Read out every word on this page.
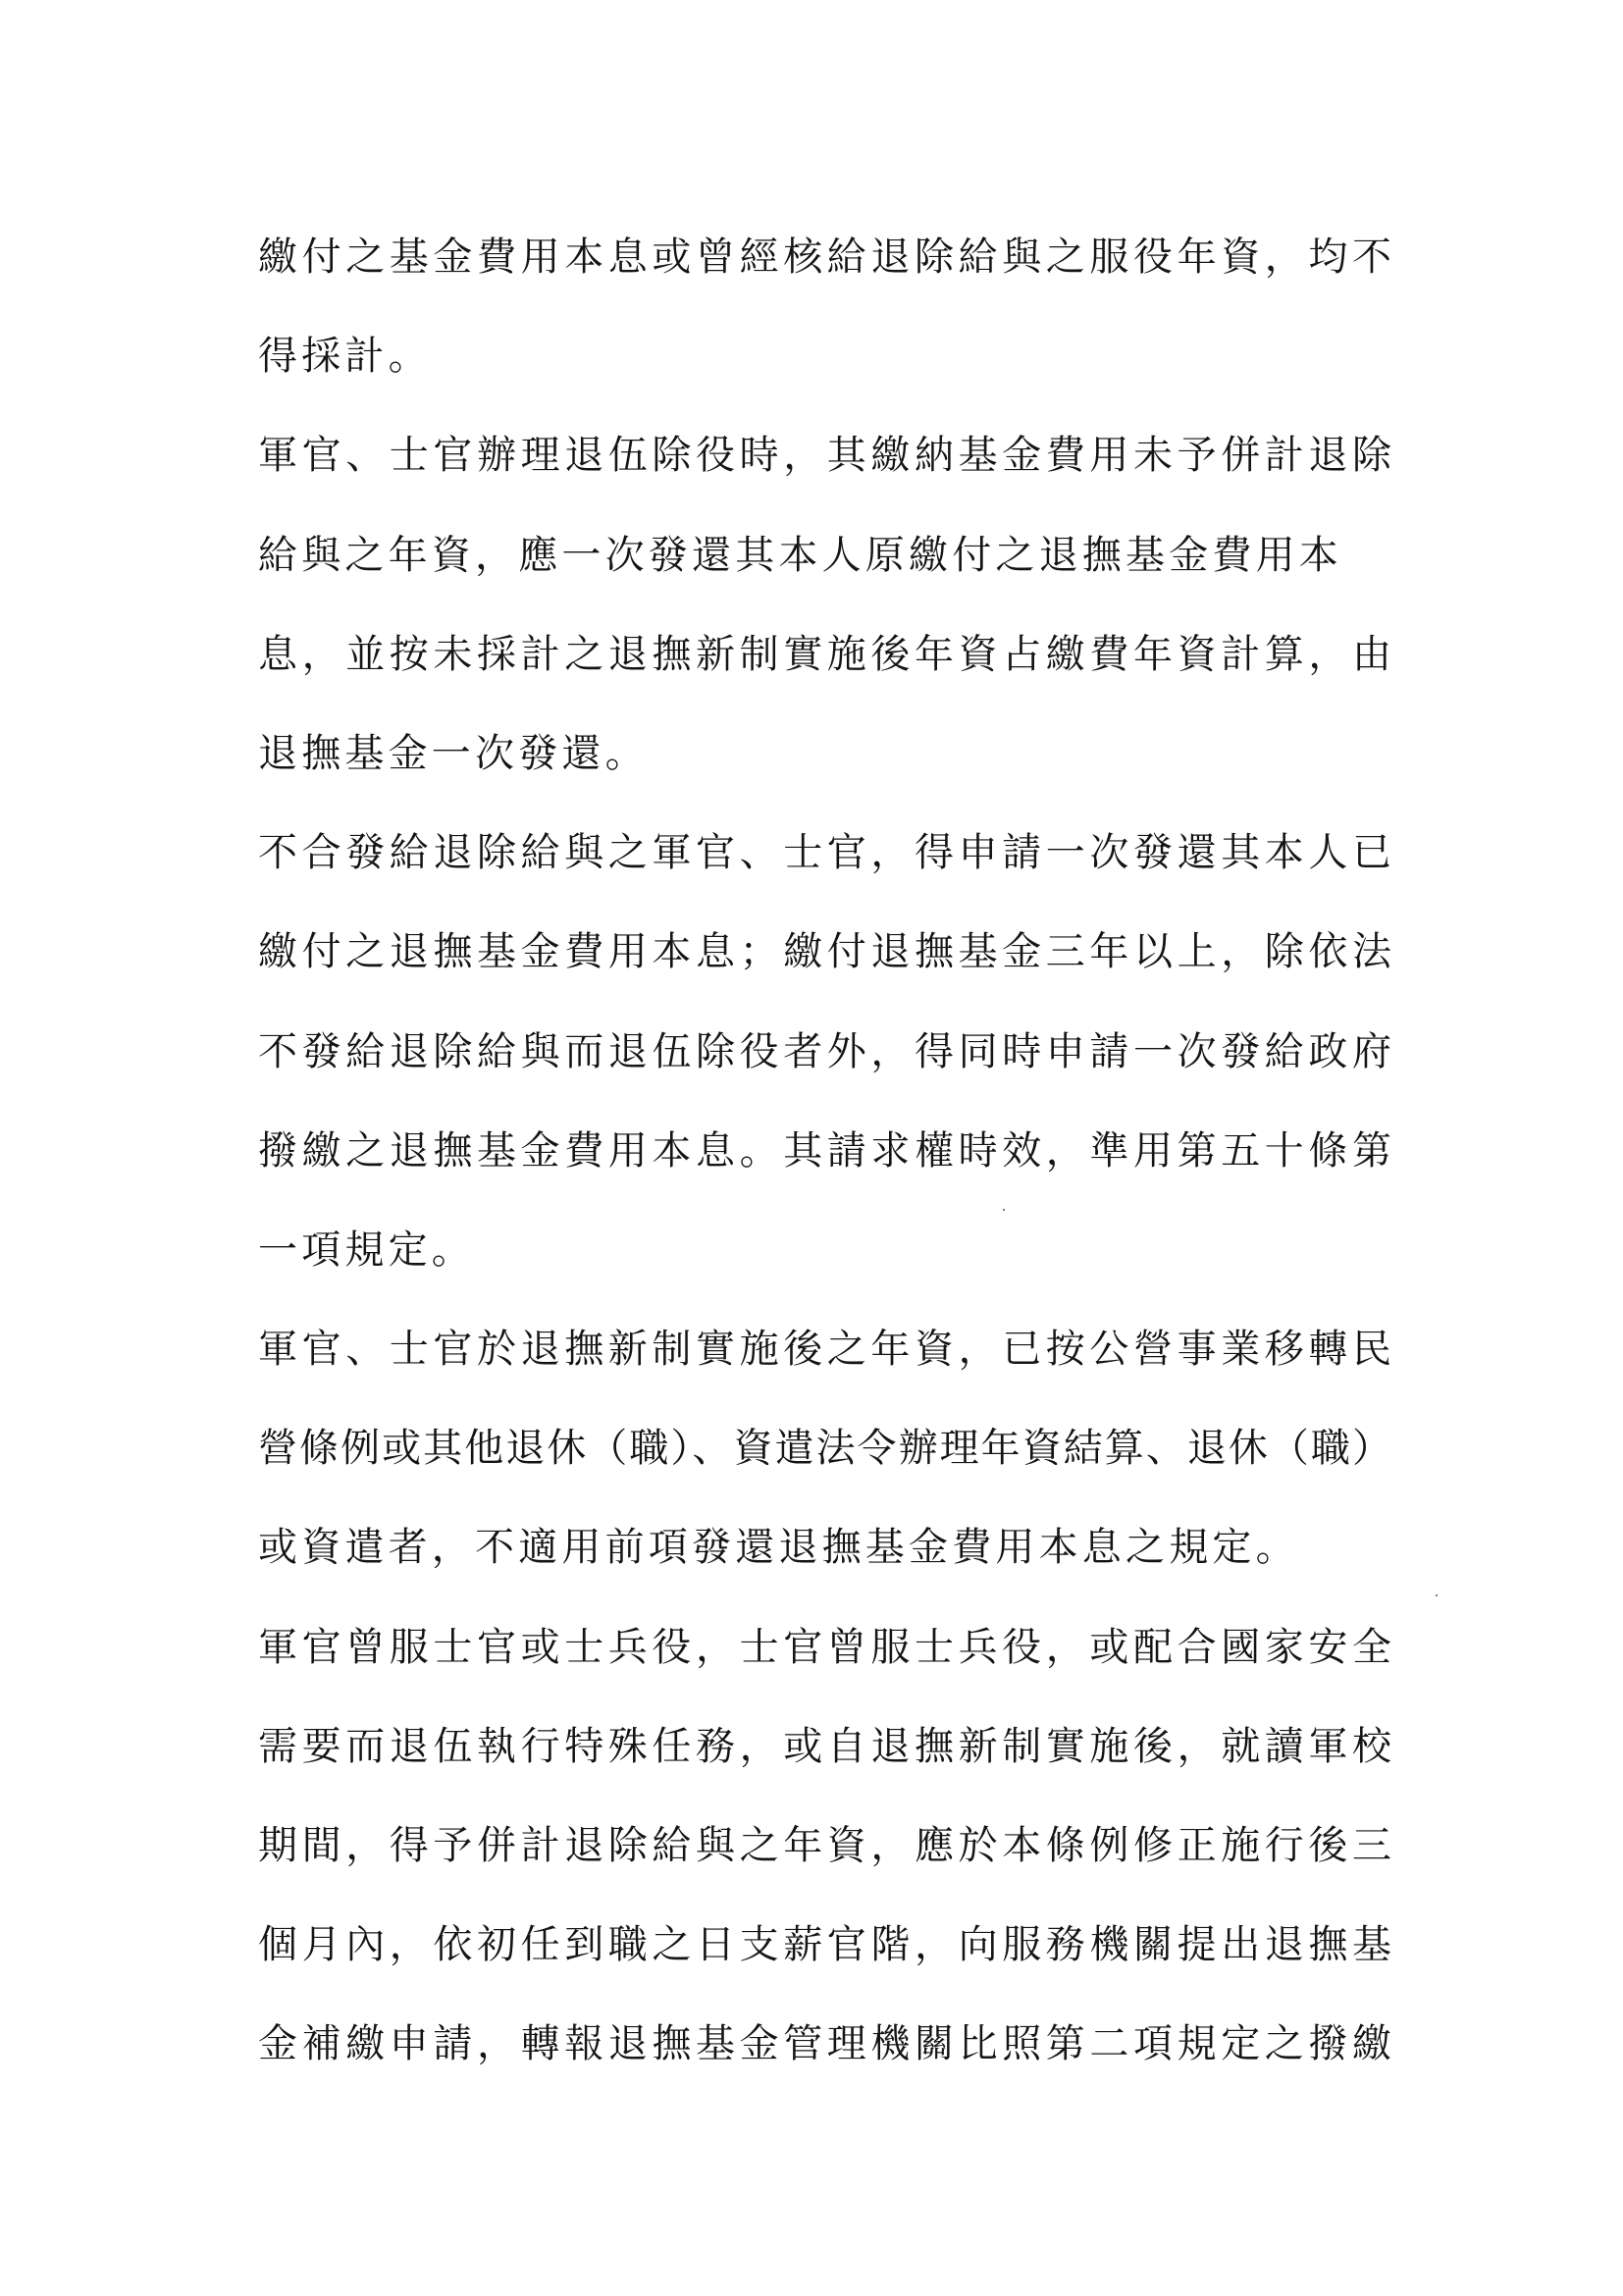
繳付之基金費用本息或曾經核給退除給與之服役年資，均不
得採計。
軍官、士官辦理退伍除役時，其繳納基金費用未予併計退除
給與之年資，應一次發還其本人原繳付之退撫基金費用本
息，並按未採計之退撫新制實施後年資占繳費年資計算，由
退撫基金一次發還。
不合發給退除給與之軍官、士官，得申請一次發還其本人已
繳付之退撫基金費用本息；繳付退撫基金三年以上，除依法
不發給退除給與而退伍除役者外，得同時申請一次發給政府
撥繳之退撫基金費用本息。其請求權時效，準用第五十條第
一項規定。
軍官、士官於退撫新制實施後之年資，已按公營事業移轉民
營條例或其他退休（職）、資遣法令辦理年資結算、退休（職）
或資遣者，不適用前項發還退撫基金費用本息之規定。
軍官曾服士官或士兵役，士官曾服士兵役，或配合國家安全
需要而退伍執行特殊任務，或自退撫新制實施後，就讀軍校
期間，得予併計退除給與之年資，應於本條例修正施行後三
個月內，依初任到職之日支薪官階，向服務機關提出退撫基
金補繳申請，轉報退撫基金管理機關比照第二項規定之撥繳
